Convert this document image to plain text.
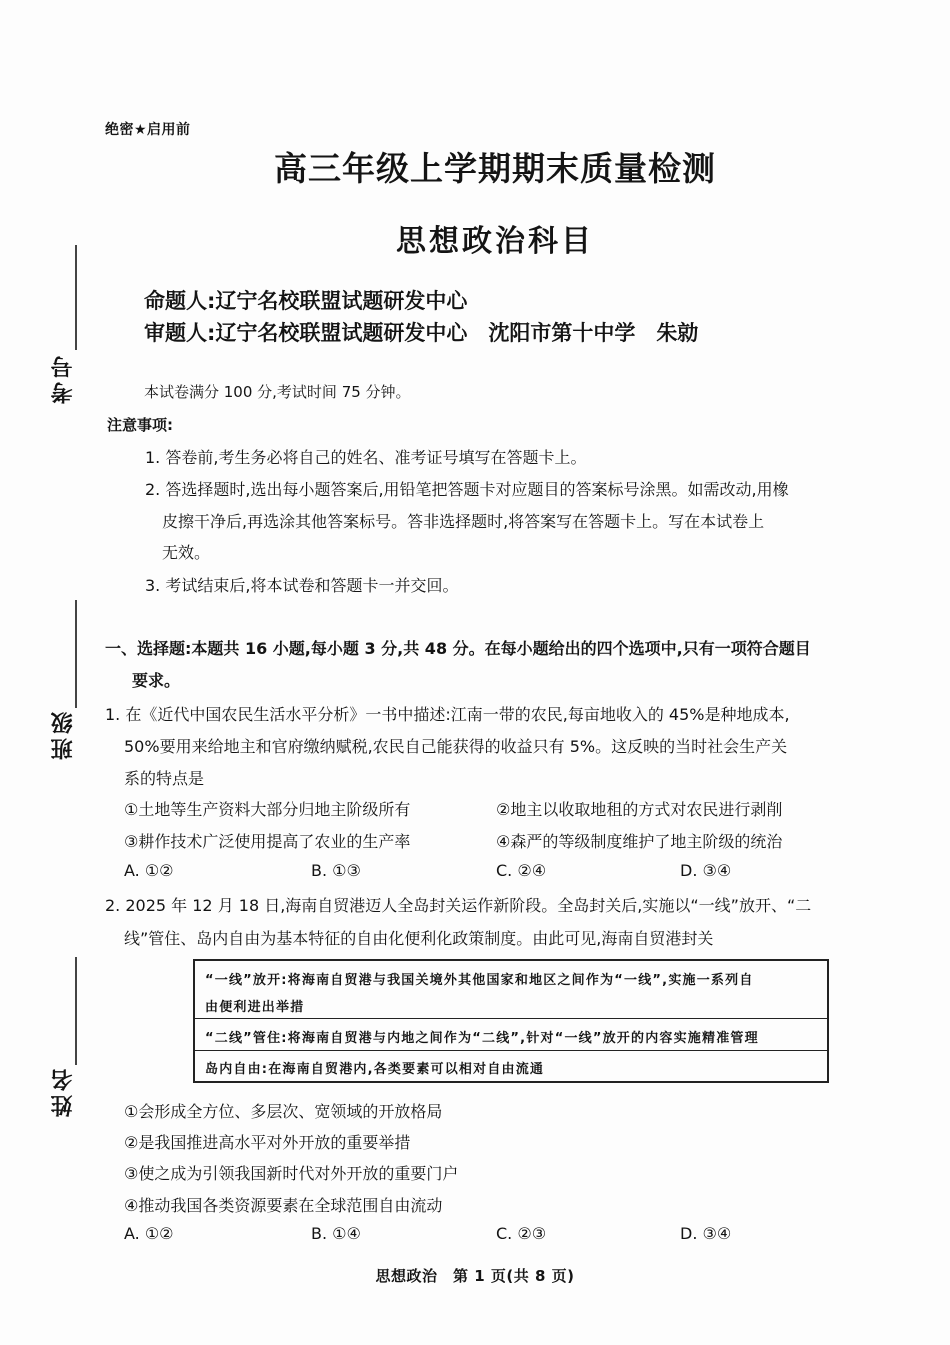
绝密★启用前
高三年级上学期期末质量检测
思想政治科目
命题人:辽宁名校联盟试题研发中心
审题人:辽宁名校联盟试题研发中心　沈阳市第十中学　朱勍
考号
班级
姓名
本试卷满分 100 分,考试时间 75 分钟。
注意事项:
1. 答卷前,考生务必将自己的姓名、准考证号填写在答题卡上。
2. 答选择题时,选出每小题答案后,用铅笔把答题卡对应题目的答案标号涂黑。如需改动,用橡
皮擦干净后,再选涂其他答案标号。答非选择题时,将答案写在答题卡上。写在本试卷上
无效。
3. 考试结束后,将本试卷和答题卡一并交回。
一、选择题:本题共 16 小题,每小题 3 分,共 48 分。在每小题给出的四个选项中,只有一项符合题目
要求。
1. 在《近代中国农民生活水平分析》一书中描述:江南一带的农民,每亩地收入的 45%是种地成本,
50%要用来给地主和官府缴纳赋税,农民自己能获得的收益只有 5%。这反映的当时社会生产关
系的特点是
①土地等生产资料大部分归地主阶级所有	②地主以收取地租的方式对农民进行剥削
③耕作技术广泛使用提高了农业的生产率	④森严的等级制度维护了地主阶级的统治
A. ①②	B. ①③	C. ②④	D. ③④
2. 2025 年 12 月 18 日,海南自贸港迈人全岛封关运作新阶段。全岛封关后,实施以“一线”放开、“二
线”管住、岛内自由为基本特征的自由化便利化政策制度。由此可见,海南自贸港封关
“一线”放开:将海南自贸港与我国关境外其他国家和地区之间作为“一线”,实施一系列自
由便利进出举措
“二线”管住:将海南自贸港与内地之间作为“二线”,针对“一线”放开的内容实施精准管理
岛内自由:在海南自贸港内,各类要素可以相对自由流通
①会形成全方位、多层次、宽领域的开放格局
②是我国推进高水平对外开放的重要举措
③使之成为引领我国新时代对外开放的重要门户
④推动我国各类资源要素在全球范围自由流动
A. ①②	B. ①④	C. ②③	D. ③④
思想政治　第 1 页(共 8 页)
